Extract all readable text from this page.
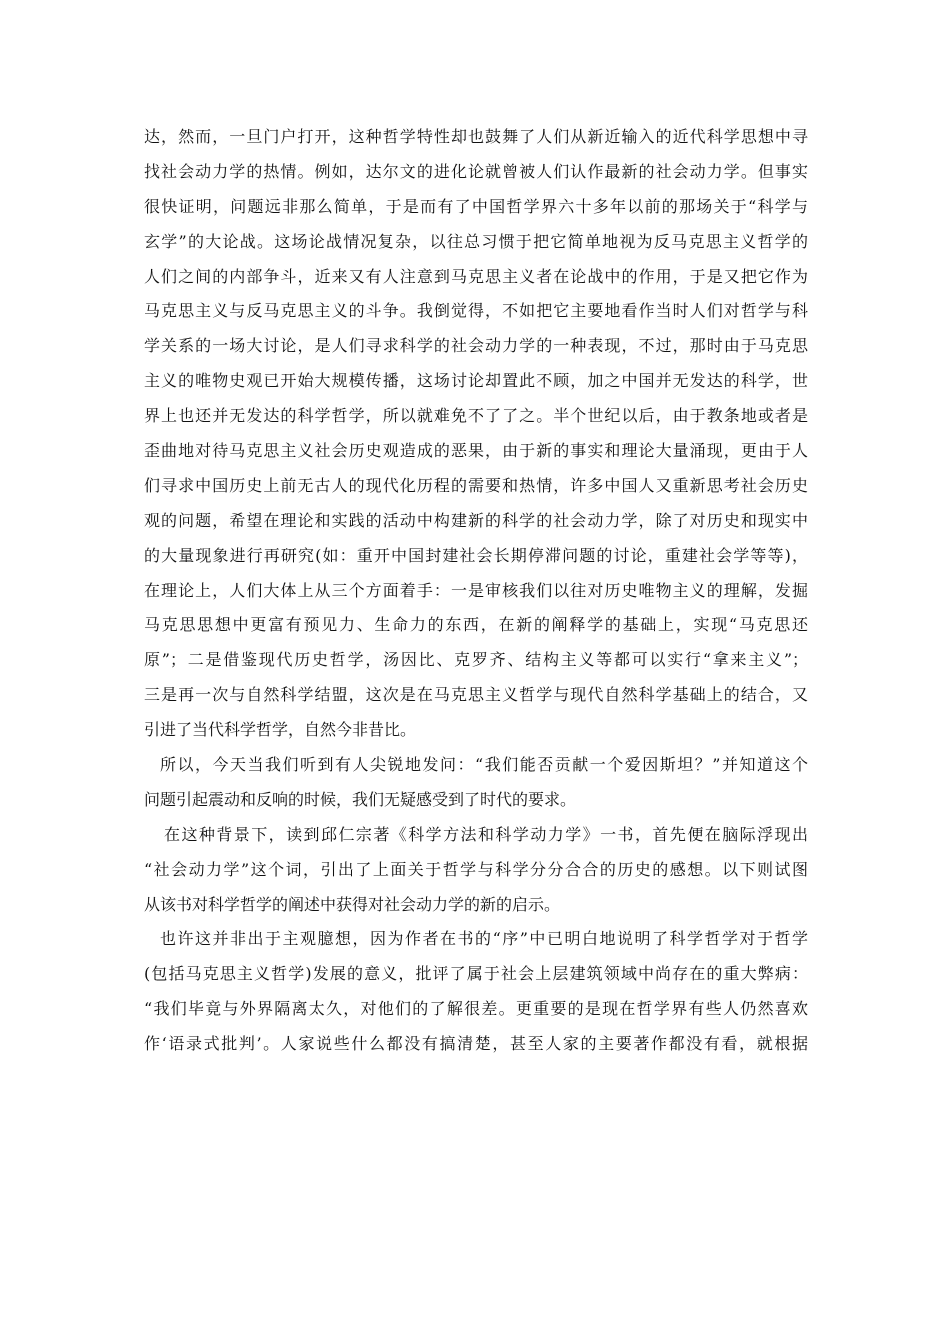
达，然而，一旦门户打开，这种哲学特性却也鼓舞了人们从新近输入的近代科学思想中寻
找社会动力学的热情。例如，达尔文的进化论就曾被人们认作最新的社会动力学。但事实
很快证明，问题远非那么简单，于是而有了中国哲学界六十多年以前的那场关于“科学与
玄学”的大论战。这场论战情况复杂，以往总习惯于把它简单地视为反马克思主义哲学的
人们之间的内部争斗，近来又有人注意到马克思主义者在论战中的作用，于是又把它作为
马克思主义与反马克思主义的斗争。我倒觉得，不如把它主要地看作当时人们对哲学与科
学关系的一场大讨论，是人们寻求科学的社会动力学的一种表现，不过，那时由于马克思
主义的唯物史观已开始大规模传播，这场讨论却置此不顾，加之中国并无发达的科学，世
界上也还并无发达的科学哲学，所以就难免不了了之。半个世纪以后，由于教条地或者是
歪曲地对待马克思主义社会历史观造成的恶果，由于新的事实和理论大量涌现，更由于人
们寻求中国历史上前无古人的现代化历程的需要和热情，许多中国人又重新思考社会历史
观的问题，希望在理论和实践的活动中构建新的科学的社会动力学，除了对历史和现实中
的大量现象进行再研究(如：重开中国封建社会长期停滞问题的讨论，重建社会学等等)，
在理论上，人们大体上从三个方面着手：一是审核我们以往对历史唯物主义的理解，发掘
马克思思想中更富有预见力、生命力的东西，在新的阐释学的基础上，实现“马克思还
原”；二是借鉴现代历史哲学，汤因比、克罗齐、结构主义等都可以实行“拿来主义”；
三是再一次与自然科学结盟，这次是在马克思主义哲学与现代自然科学基础上的结合，又
引进了当代科学哲学，自然今非昔比。
所以，今天当我们听到有人尖锐地发问：“我们能否贡献一个爱因斯坦？”并知道这个
问题引起震动和反响的时候，我们无疑感受到了时代的要求。
在这种背景下，读到邱仁宗著《科学方法和科学动力学》一书，首先便在脑际浮现出
“社会动力学”这个词，引出了上面关于哲学与科学分分合合的历史的感想。以下则试图
从该书对科学哲学的阐述中获得对社会动力学的新的启示。
也许这并非出于主观臆想，因为作者在书的“序”中已明白地说明了科学哲学对于哲学
(包括马克思主义哲学)发展的意义，批评了属于社会上层建筑领域中尚存在的重大弊病：
“我们毕竟与外界隔离太久，对他们的了解很差。更重要的是现在哲学界有些人仍然喜欢
作‘语录式批判’。人家说些什么都没有搞清楚，甚至人家的主要著作都没有看，就根据
